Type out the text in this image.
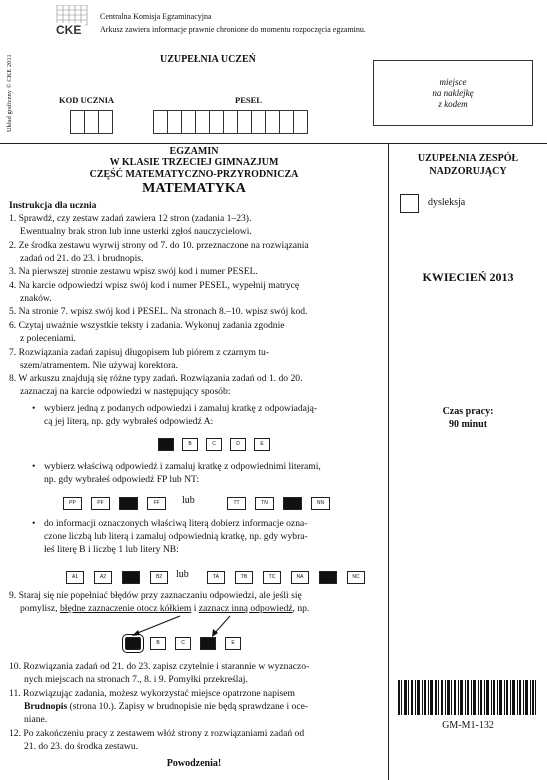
CKE
Centralna Komisja Egzaminacyjna
Arkusz zawiera informacje prawnie chronione do momentu rozpoczęcia egzaminu.
Układ graficzny © CKE 2011	UZUPEŁNIA UCZEŃ
KOD UCZNIA	PESEL
miejsce
na naklejkę
z kodem
EGZAMIN
W KLASIE TRZECIEJ GIMNAZJUM
CZĘŚĆ MATEMATYCZNO-PRZYRODNICZA
MATEMATYKA
Instrukcja dla ucznia
1. Sprawdź, czy zestaw zadań zawiera 12 stron (zadania 1–23).
Ewentualny brak stron lub inne usterki zgłoś nauczycielowi.
2. Ze środka zestawu wyrwij strony od 7. do 10. przeznaczone na rozwiązania
zadań od 21. do 23. i brudnopis.
3. Na pierwszej stronie zestawu wpisz swój kod i numer PESEL.
4. Na karcie odpowiedzi wpisz swój kod i numer PESEL, wypełnij matrycę
znaków.
5. Na stronie 7. wpisz swój kod i PESEL. Na stronach 8.–10. wpisz swój kod.
6. Czytaj uważnie wszystkie teksty i zadania. Wykonuj zadania zgodnie
z poleceniami.
7. Rozwiązania zadań zapisuj długopisem lub piórem z czarnym tu-
szem/atramentem. Nie używaj korektora.
8. W arkuszu znajdują się różne typy zadań. Rozwiązania zadań od 1. do 20.
zaznaczaj na karcie odpowiedzi w następujący sposób:
• wybierz jedną z podanych odpowiedzi i zamaluj kratkę z odpowiadają-
cą jej literą, np. gdy wybrałeś odpowiedź A:
A	B	C	D	E
• wybierz właściwą odpowiedź i zamaluj kratkę z odpowiednimi literami,
np. gdy wybrałeś odpowiedź FP lub NT:
PP	PF	FP	FF	lub	TT	TN	NT	NN
• do informacji oznaczonych właściwą literą dobierz informacje ozna-
czone liczbą lub literą i zamaluj odpowiednią kratkę, np. gdy wybra-
łeś literę B i liczbę 1 lub litery NB:
A1	A2	B1	B2	lub	TA	TB	TC	NA	NB	NC
9. Staraj się nie popełniać błędów przy zaznaczaniu odpowiedzi, ale jeśli się
pomylisz, błędne zaznaczenie otocz kółkiem i zaznacz inną odpowiedź, np.
A	B	C	D	E
10. Rozwiązania zadań od 21. do 23. zapisz czytelnie i starannie w wyznaczo-
nych miejscach na stronach 7., 8. i 9. Pomyłki przekreślaj.
11. Rozwiązując zadania, możesz wykorzystać miejsce opatrzone napisem
Brudnopis (strona 10.). Zapisy w brudnopisie nie będą sprawdzane i oce-
niane.
12. Po zakończeniu pracy z zestawem włóż strony z rozwiązaniami zadań od
21. do 23. do środka zestawu.
Powodzenia!
UZUPEŁNIA ZESPÓŁ
NADZORUJĄCY
dysleksja
KWIECIEŃ 2013
Czas pracy:
90 minut
GM-M1-132
